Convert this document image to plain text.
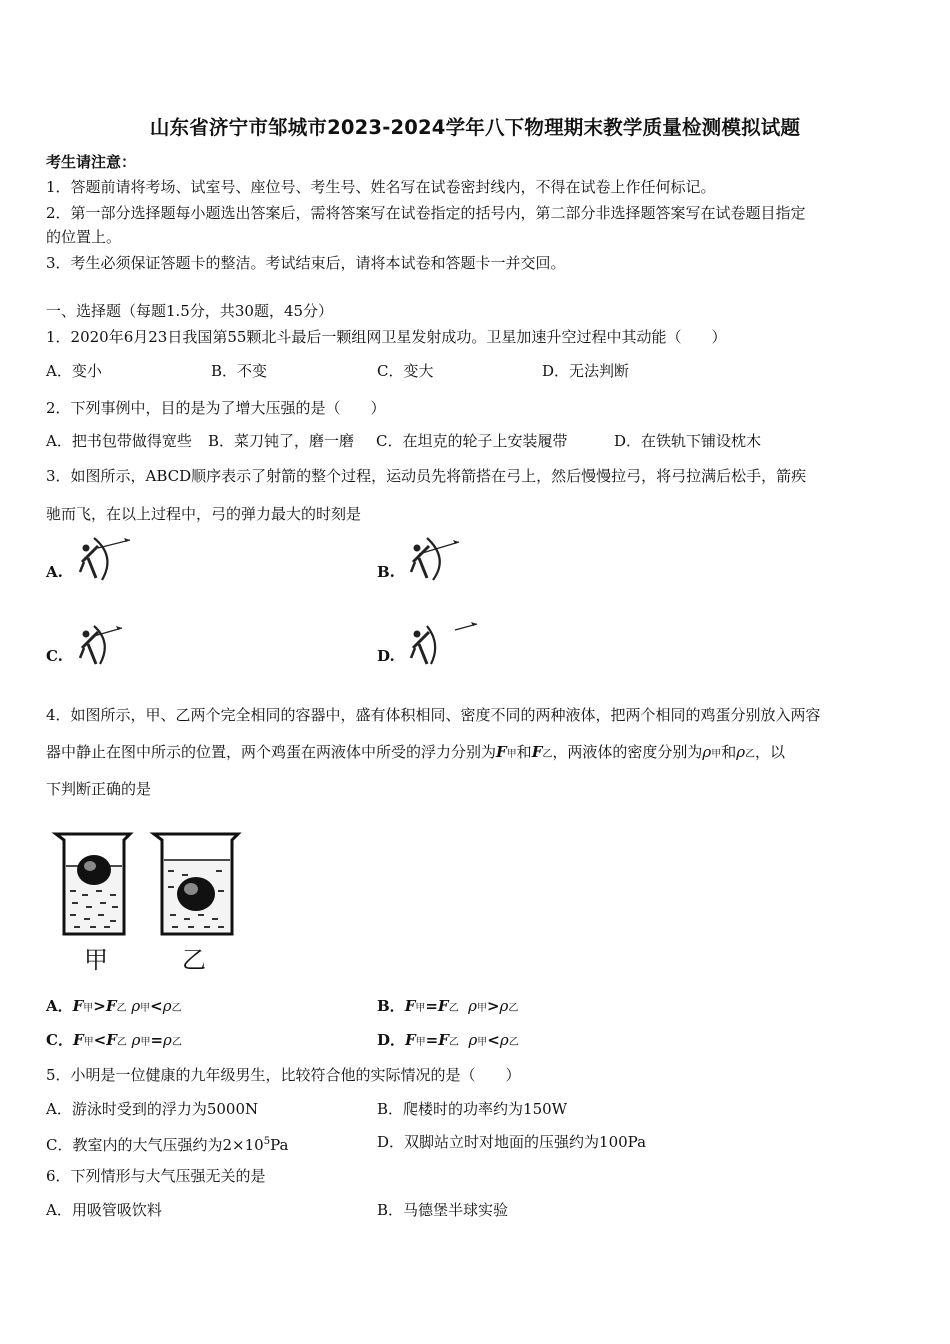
山东省济宁市邹城市2023-2024学年八下物理期末教学质量检测模拟试题
考生请注意：
1．答题前请将考场、试室号、座位号、考生号、姓名写在试卷密封线内，不得在试卷上作任何标记。
2．第一部分选择题每小题选出答案后，需将答案写在试卷指定的括号内，第二部分非选择题答案写在试卷题目指定
的位置上。
3．考生必须保证答题卡的整洁。考试结束后，请将本试卷和答题卡一并交回。
一、选择题（每题1.5分，共30题，45分）
1．2020年6月23日我国第55颗北斗最后一颗组网卫星发射成功。卫星加速升空过程中其动能（　　）
A．变小	B．不变	C．变大	D．无法判断
2．下列事例中，目的是为了增大压强的是（　　）
A．把书包带做得宽些 B．菜刀钝了，磨一磨 C．在坦克的轮子上安装履带	D．在铁轨下铺设枕木
3．如图所示，ABCD顺序表示了射箭的整个过程，运动员先将箭搭在弓上，然后慢慢拉弓，将弓拉满后松手，箭疾
驰而飞，在以上过程中，弓的弹力最大的时刻是
A.	B.
C.	D.
4．如图所示，甲、乙两个完全相同的容器中，盛有体积相同、密度不同的两种液体，把两个相同的鸡蛋分别放入两容
器中静止在图中所示的位置，两个鸡蛋在两液体中所受的浮力分别为F甲和F乙，两液体的密度分别为ρ甲和ρ乙，以
下判断正确的是
甲	乙
A．F甲>F乙 ρ甲<ρ乙	B．F甲=F乙 ρ甲>ρ乙
C．F甲<F乙 ρ甲=ρ乙	D．F甲=F乙 ρ甲<ρ乙
5．小明是一位健康的九年级男生，比较符合他的实际情况的是（　　）
A．游泳时受到的浮力为5000N	B．爬楼时的功率约为150W
C．教室内的大气压强约为$2\times 10^5Pa$	D．双脚站立时对地面的压强约为100Pa
6．下列情形与大气压强无关的是
A．用吸管吸饮料	B．马德堡半球实验
